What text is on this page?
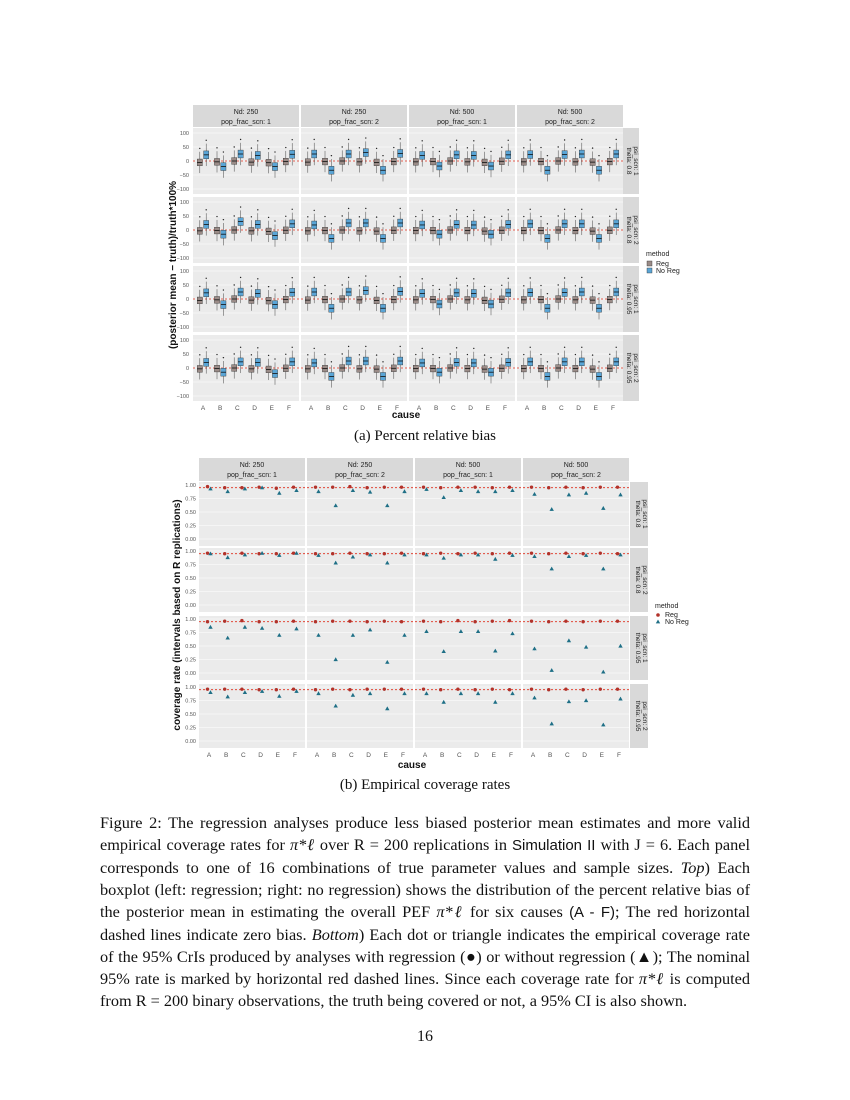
Nd: 250
pop_frac_scn: 1
Nd: 250
pop_frac_scn: 2
Nd: 500
pop_frac_scn: 1
Nd: 500
pop_frac_scn: 2
theta: 0.8 psi_scn: 1
100
50
0
−50
−100
theta: 0.8 psi_scn: 2
100
50
0
−50
−100
theta: 0.95 psi_scn: 1
100
50
0
−50
−100
theta: 0.95 psi_scn: 2
100
50
0
−50
−100
A B C D E F	A B C D E F	A B C D E F	A B C D E F
cause
(posterior mean − truth)/truth*100%	method
Reg
No Reg
(a) Percent relative bias
Nd: 250
pop_frac_scn: 1
Nd: 250
pop_frac_scn: 2
Nd: 500
pop_frac_scn: 1
Nd: 500
pop_frac_scn: 2
theta: 0.8 psi_scn: 1
1.00
0.75
0.50
0.25
0.00
theta: 0.8 psi_scn: 2
1.00
0.75
0.50
0.25
0.00
theta: 0.95 psi_scn: 1
1.00
0.75
0.50
0.25
0.00
theta: 0.95 psi_scn: 2
1.00
0.75
0.50
0.25
0.00
A B C D E F	A B C D E F	A B C D E F	A B C D E F
cause
coverage rate (intervals based on R replications)	method
Reg
No Reg
(b) Empirical coverage rates
Figure 2: The regression analyses produce less biased posterior mean estimates and more valid empirical coverage rates for π*ℓ over R = 200 replications in Simulation II with J = 6. Each panel corresponds to one of 16 combinations of true parameter values and sample sizes. Top) Each boxplot (left: regression; right: no regression) shows the distribution of the percent relative bias of the posterior mean in estimating the overall PEF π*ℓ for six causes (A - F); The red horizontal dashed lines indicate zero bias. Bottom) Each dot or triangle indicates the empirical coverage rate of the 95% CrIs produced by analyses with regression (●) or without regression (▲); The nominal 95% rate is marked by horizontal red dashed lines. Since each coverage rate for π*ℓ is computed from R = 200 binary observations, the truth being covered or not, a 95% CI is also shown.
16
